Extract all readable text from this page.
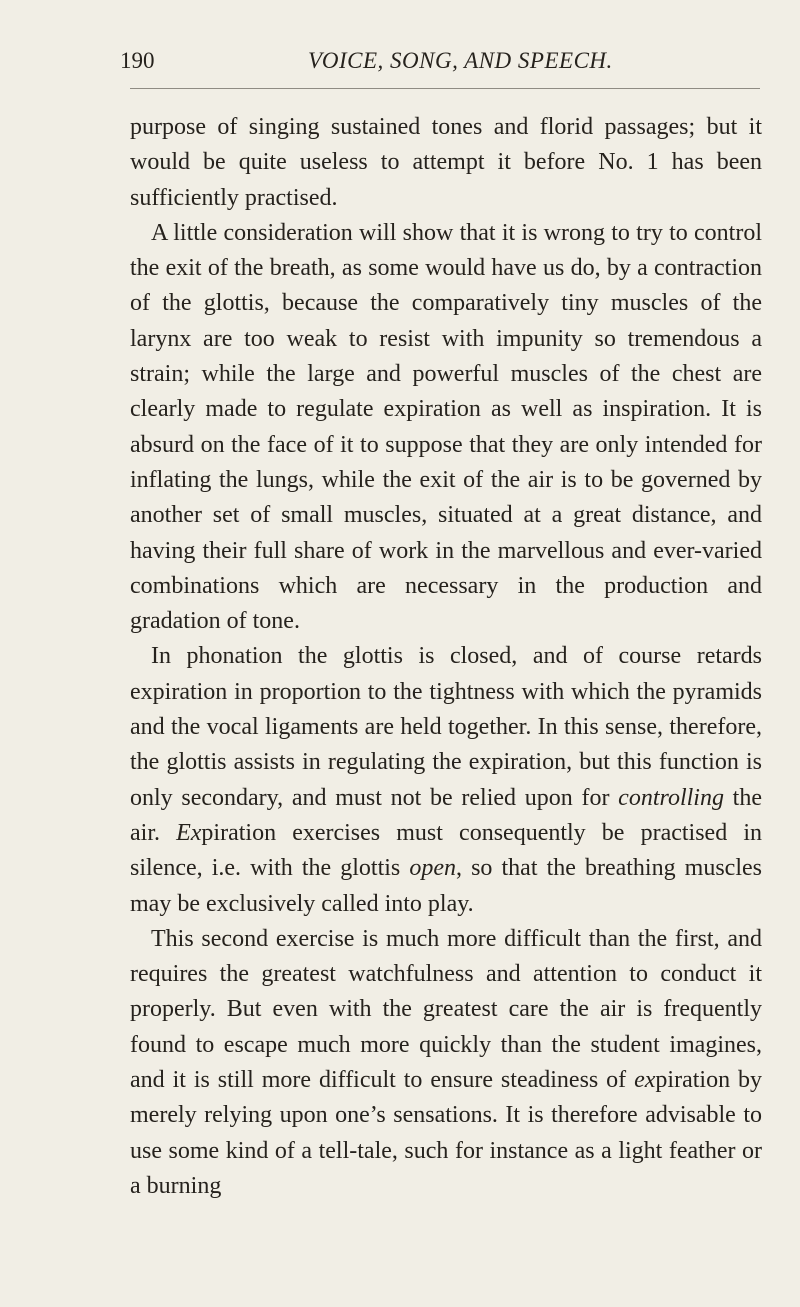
190	VOICE, SONG, AND SPEECH.

purpose of singing sustained tones and florid passages; but it would be quite useless to attempt it before No. 1 has been sufficiently practised.

A little consideration will show that it is wrong to try to control the exit of the breath, as some would have us do, by a contraction of the glottis, because the comparatively tiny muscles of the larynx are too weak to resist with impunity so tremendous a strain; while the large and powerful muscles of the chest are clearly made to regulate expiration as well as inspiration. It is absurd on the face of it to suppose that they are only intended for inflating the lungs, while the exit of the air is to be governed by another set of small muscles, situated at a great distance, and having their full share of work in the marvellous and ever-varied combinations which are necessary in the production and gradation of tone.

In phonation the glottis is closed, and of course retards expiration in proportion to the tightness with which the pyramids and the vocal ligaments are held together. In this sense, therefore, the glottis assists in regulating the expiration, but this function is only secondary, and must not be relied upon for controlling the air. Expiration exercises must consequently be practised in silence, i.e. with the glottis open, so that the breathing muscles may be exclusively called into play.

This second exercise is much more difficult than the first, and requires the greatest watchfulness and attention to conduct it properly. But even with the greatest care the air is frequently found to escape much more quickly than the student imagines, and it is still more difficult to ensure steadiness of expiration by merely relying upon one’s sensations. It is therefore advisable to use some kind of a tell-tale, such for instance as a light feather or a burning
